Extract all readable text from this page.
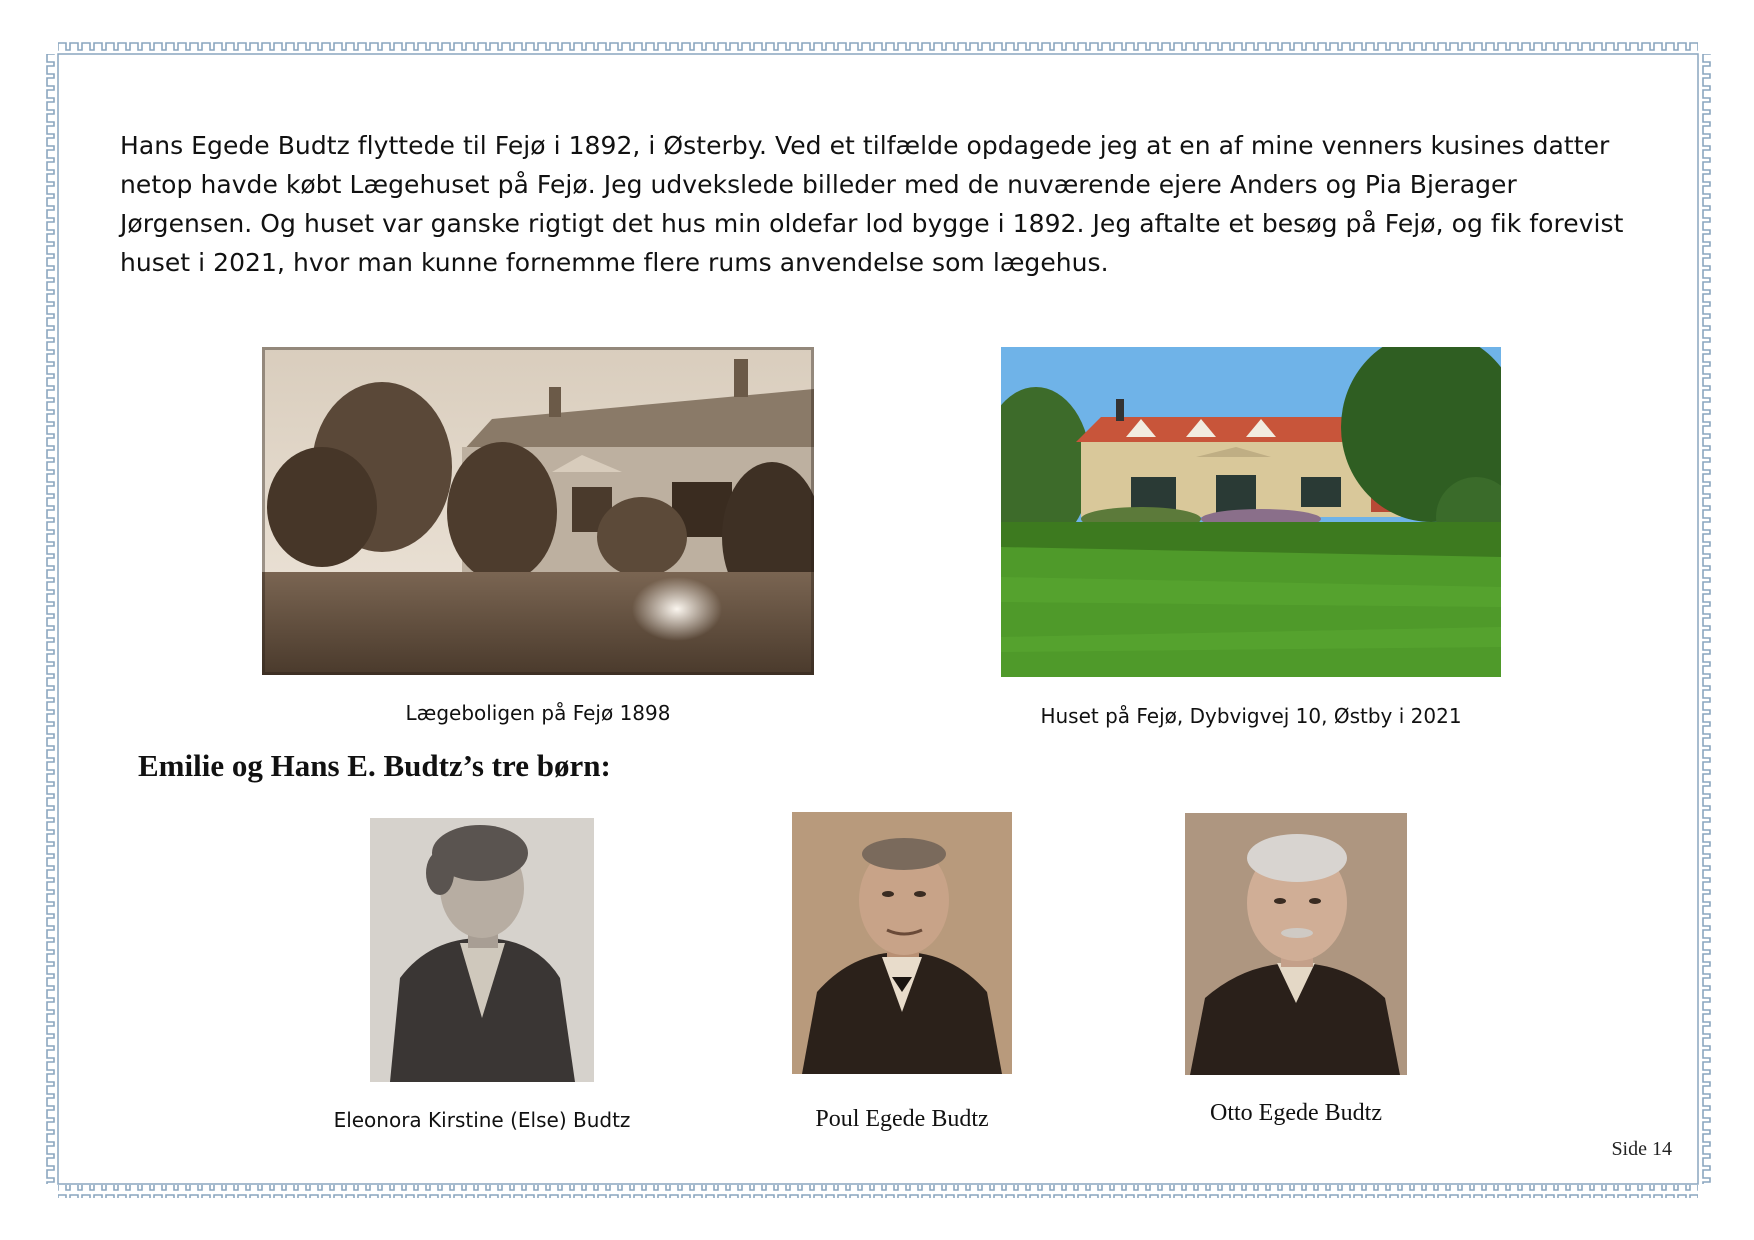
Hans Egede Budtz flyttede til Fejø i 1892, i Østerby. Ved et tilfælde opdagede jeg at en af mine venners kusines datter netop havde købt Lægehuset på Fejø. Jeg udvekslede billeder med de nuværende ejere Anders og Pia Bjerager Jørgensen. Og huset var ganske rigtigt det hus min oldefar lod bygge i 1892. Jeg aftalte et besøg på Fejø, og fik forevist huset i 2021, hvor man kunne fornemme flere rums anvendelse som lægehus.

Lægeboligen på Fejø 1898	Huset på Fejø, Dybvigvej 10, Østby i 2021
Emilie og Hans E. Budtz’s tre børn:
Eleonora Kirstine (Else) Budtz	Poul Egede Budtz	Otto Egede Budtz
Side 14
